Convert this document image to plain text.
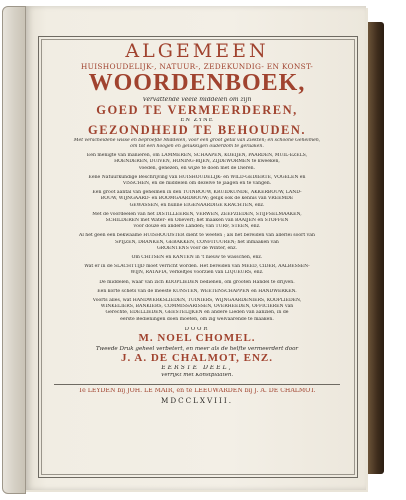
ALGEMEEN
HUISHOUDELIJK-, NATUUR-, ZEDEKUNDIG- EN KONST-
WOORDENBOEK,
Vervattende veele middelen om zijn
GOED TE VERMEERDEREN,
EN ZYNE
GEZONDHEID TE BEHOUDEN.
Met verscheidene wisse en beproefde Middelen, voor een groot getal van Ziekten; en schoone Geheimen,
om tot een hoogen en gelukkigen ouderdom te geraaken.
Een menigte van manieren, om LAMMEREN, SCHAAPEN, KOEIJEN, PAARDEN, MUIL-EZELS,
HOENDEREN, DUIVEN, HONING-BIJEN, ZIJDEWORMEN te kweeken,
voeden, genezen, en wijze te doen met de Dieren.
Eene Natuurkundige Beschrijving van HUISHOUDELIJK- en WILD-GEDIERTE, VOGELEN en
VISSCHEN, en de middelen om dezelve te jaagen en te vangen.
Een groot aantal van geheimen in den TUINBOUW, KRUIDKUNDE, AKKERBOUW, LAND-
BOUW, WIJNGAARD- en BOOMGAARDBOUW; gelijk ook de kennis van VREEMDE
GEWASSEN, en hunne EIGENAARDIGE KRACHTEN, enz.
Met de voordeelen van het DISTILLEEREN, VERWEN, ZEEPZIEDEN, STIJFSELMAAKEN,
SCHILDEREN met Water- en Oliëverf; het maaken van BAAIJEN en STOFFEN
voor douze en andere Landen; van TURF, STEEN, enz.
Al het geen een bekwaame HUISHOUDSTER dient te weeten ; als het bereiden van allerlei soort van
SPIJZEN, DRANKEN, GEBAKKEN, CONFITUUREN; het inmaaken van
GROENTENS voor de Winter, enz.
Om CHITSEN en KANTEN in 't nieuw te wasschen, enz.
Wat er in de SLACHTTIJD moet verricht worden. Het bereiden van MEED, CIDER, AALBESSEN-
WIJN, RATAFIA, verkeltjes voorzien van LIQUEURS, enz.
De middelen, waar van zich KOOPLIEDEN bedienen, om grooten Handel te drijven.
Een korte schets van de meeste KUNSTEN, WEETENSCHAPPEN en HANDWERKEN.
Voorts alles, wat HANDWERKSLIEDEN, TUINIERS, WIJNGAARDENIERS, KOOPLIEDEN,
WINKELIERS, BANKIERS, COMMISSARISSEN, OVERHEEDEN, OFFICIEREN van
Gerechte, EDELLIEDEN, GEESTELIJKEN en andere Lieden van aanzien, in de
eerste Bedieningen doen moeten, om zig welvaarende te maaken.
DOOR
M. NOEL CHOMEL.
Tweede Druk geheel verbetert, en meer als de helfte vermeerdert door
J. A. DE CHALMOT, ENZ.
EERSTE DEEL,
Verrijkt met Konstplaaten.
Te LEYDEN bij JOH. LE MAIR, en te LEEUWARDEN bij J. A. DE CHALMOT.
MDCCLXVIII.
